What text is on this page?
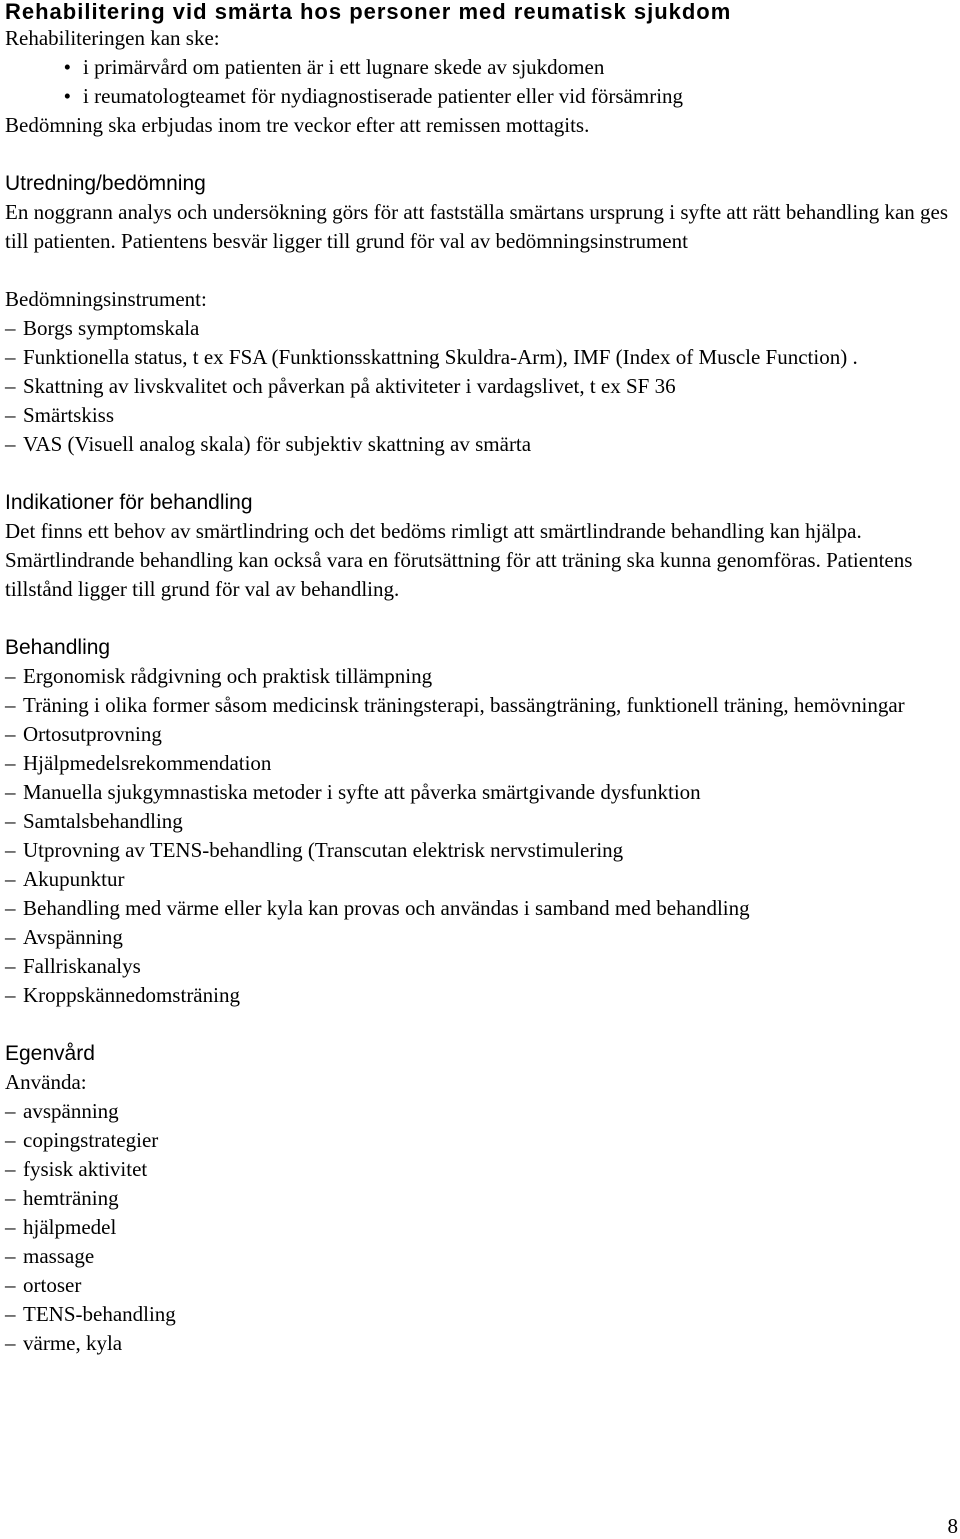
Rehabilitering vid smärta hos personer med reumatisk sjukdom

Rehabiliteringen kan ske:

• i primärvård om patienten är i ett lugnare skede av sjukdomen
• i reumatologteamet för nydiagnostiserade patienter eller vid försämring

Bedömning ska erbjudas inom tre veckor efter att remissen mottagits.

Utredning/bedömning

En noggrann analys och undersökning görs för att fastställa smärtans ursprung i syfte att rätt behandling kan ges till patienten. Patientens besvär ligger till grund för val av bedömningsinstrument

Bedömningsinstrument:

– Borgs symptomskala
– Funktionella status, t ex FSA (Funktionsskattning Skuldra-Arm), IMF (Index of Muscle Function) .
– Skattning av livskvalitet och påverkan på aktiviteter i vardagslivet, t ex SF 36
– Smärtskiss
– VAS (Visuell analog skala) för subjektiv skattning av smärta

Indikationer för behandling

Det finns ett behov av smärtlindring och det bedöms rimligt att smärtlindrande behandling kan hjälpa. Smärtlindrande behandling kan också vara en förutsättning för att träning ska kunna genomföras. Patientens tillstånd ligger till grund för val av behandling.

Behandling

– Ergonomisk rådgivning och praktisk tillämpning
– Träning i olika former såsom medicinsk träningsterapi, bassängträning, funktionell träning, hemövningar
– Ortosutprovning
– Hjälpmedelsrekommendation
– Manuella sjukgymnastiska metoder i syfte att påverka smärtgivande dysfunktion
– Samtalsbehandling
– Utprovning av TENS-behandling (Transcutan elektrisk nervstimulering
– Akupunktur
– Behandling med värme eller kyla kan provas och användas i samband med behandling
– Avspänning
– Fallriskanalys
– Kroppskännedomsträning

Egenvård

Använda:

– avspänning
– copingstrategier
– fysisk aktivitet
– hemträning
– hjälpmedel
– massage
– ortoser
– TENS-behandling
– värme, kyla
8
